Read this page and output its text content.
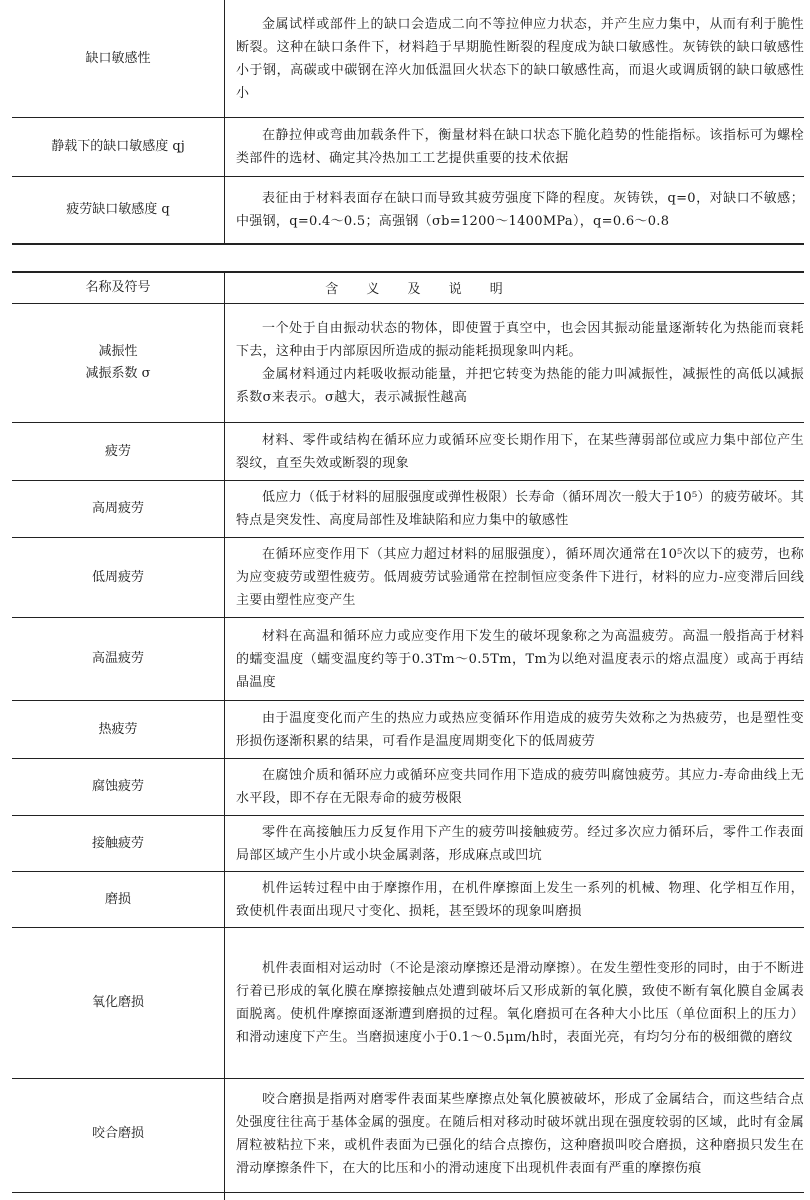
缺口敏感性

金属试样或部件上的缺口会造成二向不等拉伸应力状态，并产生应力集中，从而有利于脆性断裂。这种在缺口条件下，材料趋于早期脆性断裂的程度成为缺口敏感性。灰铸铁的缺口敏感性小于钢，高碳或中碳钢在淬火加低温回火状态下的缺口敏感性高，而退火或调质钢的缺口敏感性小

静载下的缺口敏感度 qj

在静拉伸或弯曲加载条件下，衡量材料在缺口状态下脆化趋势的性能指标。该指标可为螺栓类部件的选材、确定其冷热加工工艺提供重要的技术依据

疲劳缺口敏感度 q

表征由于材料表面存在缺口而导致其疲劳强度下降的程度。灰铸铁，q=0，对缺口不敏感；中强钢，q=0.4～0.5；高强钢（σb=1200～1400MPa），q=0.6～0.8

名称及符号	含 义 及 说 明
减振性
减振系数 σ

一个处于自由振动状态的物体，即使置于真空中，也会因其振动能量逐渐转化为热能而衰耗下去，这种由于内部原因所造成的振动能耗损现象叫内耗。

金属材料通过内耗吸收振动能量，并把它转变为热能的能力叫减振性，减振性的高低以减振系数σ来表示。σ越大，表示减振性越高

疲劳

材料、零件或结构在循环应力或循环应变长期作用下，在某些薄弱部位或应力集中部位产生裂纹，直至失效或断裂的现象

高周疲劳

低应力（低于材料的屈服强度或弹性极限）长寿命（循环周次一般大于10⁵）的疲劳破坏。其特点是突发性、高度局部性及堆缺陷和应力集中的敏感性

低周疲劳

在循环应变作用下（其应力超过材料的屈服强度），循环周次通常在10⁵次以下的疲劳，也称为应变疲劳或塑性疲劳。低周疲劳试验通常在控制恒应变条件下进行，材料的应力-应变滞后回线主要由塑性应变产生

高温疲劳

材料在高温和循环应力或应变作用下发生的破坏现象称之为高温疲劳。高温一般指高于材料的蠕变温度（蠕变温度约等于0.3Tm～0.5Tm，Tm为以绝对温度表示的熔点温度）或高于再结晶温度

热疲劳

由于温度变化而产生的热应力或热应变循环作用造成的疲劳失效称之为热疲劳，也是塑性变形损伤逐渐积累的结果，可看作是温度周期变化下的低周疲劳

腐蚀疲劳

在腐蚀介质和循环应力或循环应变共同作用下造成的疲劳叫腐蚀疲劳。其应力-寿命曲线上无水平段，即不存在无限寿命的疲劳极限

接触疲劳

零件在高接触压力反复作用下产生的疲劳叫接触疲劳。经过多次应力循环后，零件工作表面局部区域产生小片或小块金属剥落，形成麻点或凹坑

磨损

机件运转过程中由于摩擦作用，在机件摩擦面上发生一系列的机械、物理、化学相互作用，致使机件表面出现尺寸变化、损耗，甚至毁坏的现象叫磨损

氧化磨损

机件表面相对运动时（不论是滚动摩擦还是滑动摩擦）。在发生塑性变形的同时，由于不断进行着已形成的氧化膜在摩擦接触点处遭到破坏后又形成新的氧化膜，致使不断有氧化膜自金属表面脱离。使机件摩擦面逐渐遭到磨损的过程。氧化磨损可在各种大小比压（单位面积上的压力）和滑动速度下产生。当磨损速度小于0.1～0.5μm/h时，表面光亮，有均匀分布的极细微的磨纹

咬合磨损

咬合磨损是指两对磨零件表面某些摩擦点处氧化膜被破坏，形成了金属结合，而这些结合点处强度往往高于基体金属的强度。在随后相对移动时破坏就出现在强度较弱的区域，此时有金属屑粒被粘拉下来，或机件表面为已强化的结合点擦伤，这种磨损叫咬合磨损，这种磨损只发生在滑动摩擦条件下，在大的比压和小的滑动速度下出现机件表面有严重的摩擦伤痕
